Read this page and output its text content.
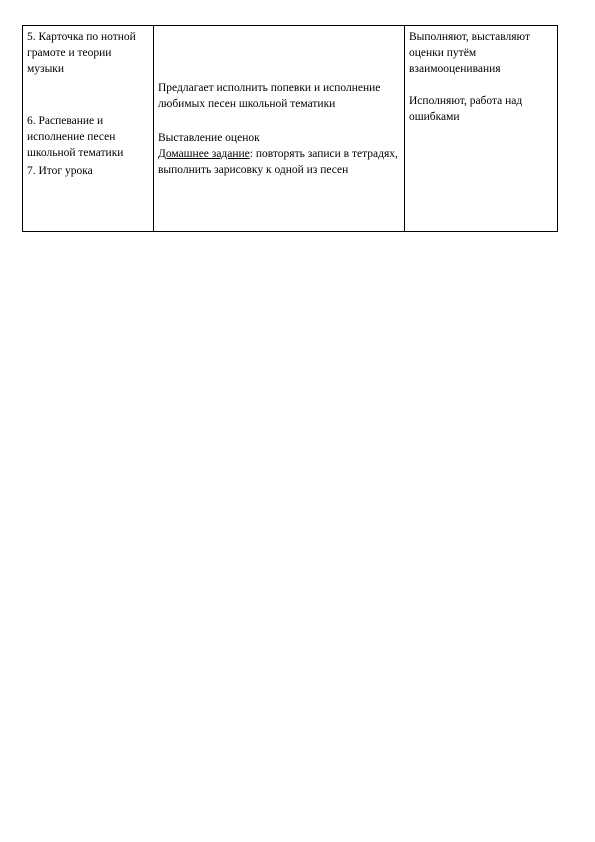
5. Карточка по нотной грамоте и теории музыки
6. Распевание и исполнение песен школьной тематики
7. Итог урока

Предлагает исполнить попевки и исполнение любимых песен школьной тематики
Выставление оценок
Домашнее задание: повторять записи в тетрадях, выполнить зарисовку к одной из песен

Выполняют, выставляют оценки путём взаимооценивания
Исполняют, работа над ошибками
